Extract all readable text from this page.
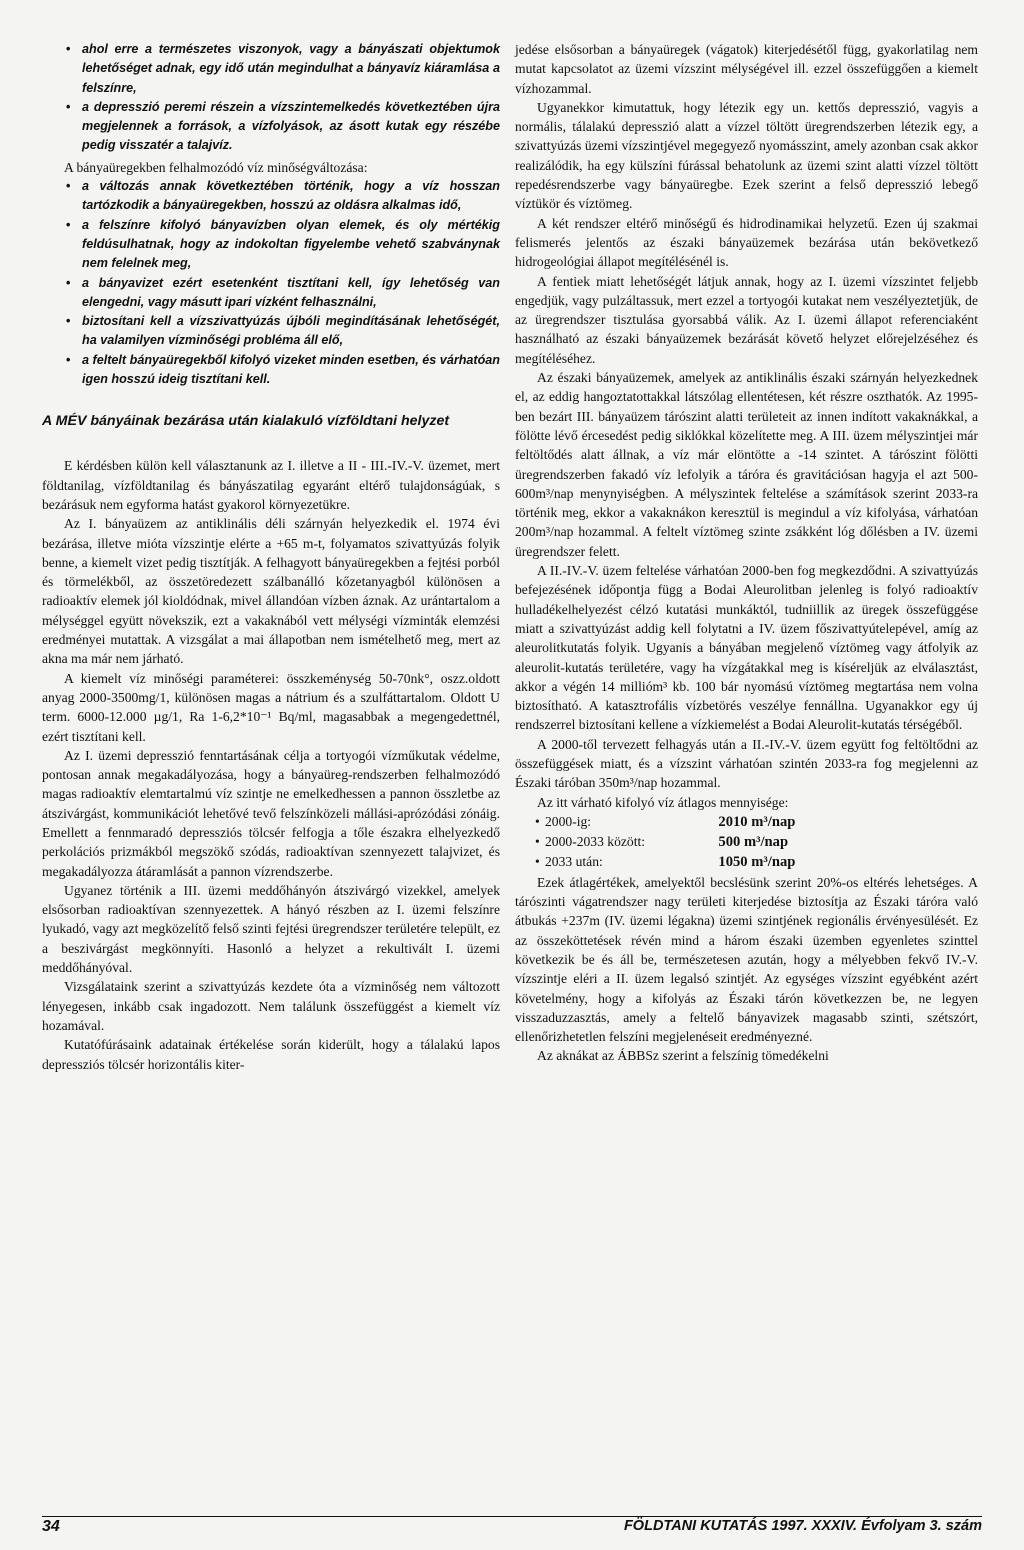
• ahol erre a természetes viszonyok, vagy a bányászati objektumok lehetőséget adnak, egy idő után megindulhat a bányavíz kiáramlása a felszínre,
• a depresszió peremi részein a vízszintemelkedés következtében újra megjelennek a források, a vízfolyások, az ásott kutak egy részébe pedig visszatér a talajvíz.

A bányaüregekben felhalmozódó víz minőségváltozása:

• a változás annak következtében történik, hogy a víz hosszan tartózkodik a bányaüregekben, hosszú az oldásra alkalmas idő,
• a felszínre kifolyó bányavízben olyan elemek, és oly mértékig feldúsulhatnak, hogy az indokoltan figyelembe vehető szabványnak nem felelnek meg,
• a bányavizet ezért esetenként tisztítani kell, így lehetőség van elengedni, vagy másutt ipari vízként felhasználni,
• biztosítani kell a vízszivattyúzás újbóli megindításának lehetőségét, ha valamilyen vízminőségi probléma áll elő,
• a feltelt bányaüregekből kifolyó vizeket minden esetben, és várhatóan igen hosszú ideig tisztítani kell.
A MÉV bányáinak bezárása után kialakuló vízföldtani helyzet

E kérdésben külön kell választanunk az I. illetve a II - III.-IV.-V. üzemet, mert földtanilag, vízföldtanilag és bányászatilag egyaránt eltérő tulajdonságúak, s bezárásuk nem egyforma hatást gyakorol környezetükre.

Az I. bányaüzem az antiklinális déli szárnyán helyezkedik el. 1974 évi bezárása, illetve mióta vízszintje elérte a +65 m-t, folyamatos szivattyúzás folyik benne, a kiemelt vizet pedig tisztítják. A felhagyott bányaüregekben a fejtési porból és törmelékből, az összetöredezett szálbanálló kőzetanyagból különösen a radioaktív elemek jól kioldódnak, mivel állandóan vízben áznak. Az urántartalom a mélységgel együtt növekszik, ezt a vakaknából vett mélységi vízminták elemzési eredményei mutattak. A vizsgálat a mai állapotban nem ismételhető meg, mert az akna ma már nem járható.

A kiemelt víz minőségi paraméterei: összkeménység 50-70nk°, oszz.oldott anyag 2000-3500mg/1, különösen magas a nátrium és a szulfáttartalom. Oldott U term. 6000-12.000 µg/1, Ra 1-6,2*10⁻¹ Bq/ml, magasabbak a megengedettnél, ezért tisztítani kell.

Az I. üzemi depresszió fenntartásának célja a tortyogói vízműkutak védelme, pontosan annak megakadályozása, hogy a bányaüreg-rendszerben felhalmozódó magas radioaktív elemtartalmú víz szintje ne emelkedhessen a pannon összletbe az átszivárgást, kommunikációt lehetővé tevő felszínközeli mállási-aprózódási zónáig. Emellett a fennmaradó depressziós tölcsér felfogja a tőle északra elhelyezkedő perkolációs prizmákból megszökő szódás, radioaktívan szennyezett talajvizet, és megakadályozza átáramlását a pannon vízrendszerbe.

Ugyanez történik a III. üzemi meddőhányón átszivárgó vizekkel, amelyek elsősorban radioaktívan szennyezettek. A hányó részben az I. üzemi felszínre lyukadó, vagy azt megközelítő felső szinti fejtési üregrendszer területére települt, ez a beszivárgást megkönnyíti. Hasonló a helyzet a rekultivált I. üzemi meddőhányóval.

Vizsgálataink szerint a szivattyúzás kezdete óta a vízminőség nem változott lényegesen, inkább csak ingadozott. Nem találunk összefüggést a kiemelt víz hozamával.

Kutatófúrásaink adatainak értékelése során kiderült, hogy a tálalakú lapos depressziós tölcsér horizontális kiter-

jedése elsősorban a bányaüregek (vágatok) kiterjedésétől függ, gyakorlatilag nem mutat kapcsolatot az üzemi vízszint mélységével ill. ezzel összefüggően a kiemelt vízhozammal.

Ugyanekkor kimutattuk, hogy létezik egy un. kettős depresszió, vagyis a normális, tálalakú depresszió alatt a vízzel töltött üregrendszerben létezik egy, a szivattyúzás üzemi vízszintjével megegyező nyomásszint, amely azonban csak akkor realizálódik, ha egy külszíni fúrással behatolunk az üzemi szint alatti vízzel töltött repedésrendszerbe vagy bányaüregbe. Ezek szerint a felső depresszió lebegő víztükör és víztömeg.

A két rendszer eltérő minőségű és hidrodinamikai helyzetű. Ezen új szakmai felismerés jelentős az északi bányaüzemek bezárása után bekövetkező hidrogeológiai állapot megítélésénél is.

A fentiek miatt lehetőségét látjuk annak, hogy az I. üzemi vízszintet feljebb engedjük, vagy pulzáltassuk, mert ezzel a tortyogói kutakat nem veszélyeztetjük, de az üregrendszer tisztulása gyorsabbá válik. Az I. üzemi állapot referenciaként használható az északi bányaüzemek bezárását követő helyzet előrejelzéséhez és megítéléséhez.

Az északi bányaüzemek, amelyek az antiklinális északi szárnyán helyezkednek el, az eddig hangoztatottakkal látszólag ellentétesen, két részre oszthatók. Az 1995-ben bezárt III. bányaüzem tárószint alatti területeit az innen indított vakaknákkal, a fölötte lévő ércesedést pedig siklókkal közelítette meg. A III. üzem mélyszintjei már feltöltődés alatt állnak, a víz már elöntötte a -14 szintet. A tárószint fölötti üregrendszerben fakadó víz lefolyik a táróra és gravitációsan hagyja el azt 500-600m³/nap menynyiségben. A mélyszintek feltelése a számítások szerint 2033-ra történik meg, ekkor a vakaknákon keresztül is megindul a víz kifolyása, várhatóan 200m³/nap hozammal. A feltelt víztömeg szinte zsákként lóg dőlésben a IV. üzemi üregrendszer felett.

A II.-IV.-V. üzem feltelése várhatóan 2000-ben fog megkezdődni. A szivattyúzás befejezésének időpontja függ a Bodai Aleurolitban jelenleg is folyó radioaktív hulladékelhelyezést célzó kutatási munkáktól, tudniillik az üregek összefüggése miatt a szivattyúzást addig kell folytatni a IV. üzem főszivattyútelepével, amíg az aleurolitkutatás folyik. Ugyanis a bányában megjelenő víztömeg vagy átfolyik az aleurolit-kutatás területére, vagy ha vízgátakkal meg is kíséreljük az elválasztást, akkor a végén 14 millióm³ kb. 100 bár nyomású víztömeg megtartása nem volna biztosítható. A katasztrofális vízbetörés veszélye fennállna. Ugyanakkor egy új rendszerrel biztosítani kellene a vízkiemelést a Bodai Aleurolit-kutatás térségéből.

A 2000-től tervezett felhagyás után a II.-IV.-V. üzem együtt fog feltöltődni az összefüggések miatt, és a vízszint várhatóan szintén 2033-ra fog megjelenni az Északi táróban 350m³/nap hozammal.

Az itt várható kifolyó víz átlagos mennyisége:

• 2000-ig:	2010 m³/nap
• 2000-2033 között:	500 m³/nap
• 2033 után:	1050 m³/nap

Ezek átlagértékek, amelyektől becslésünk szerint 20%-os eltérés lehetséges. A tárószinti vágatrendszer nagy területi kiterjedése biztosítja az Északi táróra való átbukás +237m (IV. üzemi légakna) üzemi szintjének regionális érvényesülését. Ez az összeköttetések révén mind a három északi üzemben egyenletes szinttel következik be és áll be, természetesen azután, hogy a mélyebben fekvő IV.-V. vízszintje eléri a II. üzem legalsó szintjét. Az egységes vízszint egyébként azért követelmény, hogy a kifolyás az Északi tárón következzen be, ne legyen visszaduzzasztás, amely a feltelő bányavizek magasabb szinti, szétszórt, ellenőrizhetetlen felszíni megjelenéseit eredményezné.

Az aknákat az ÁBBSz szerint a felszínig tömedékelni

34	FÖLDTANI KUTATÁS 1997. XXXIV. Évfolyam 3. szám
